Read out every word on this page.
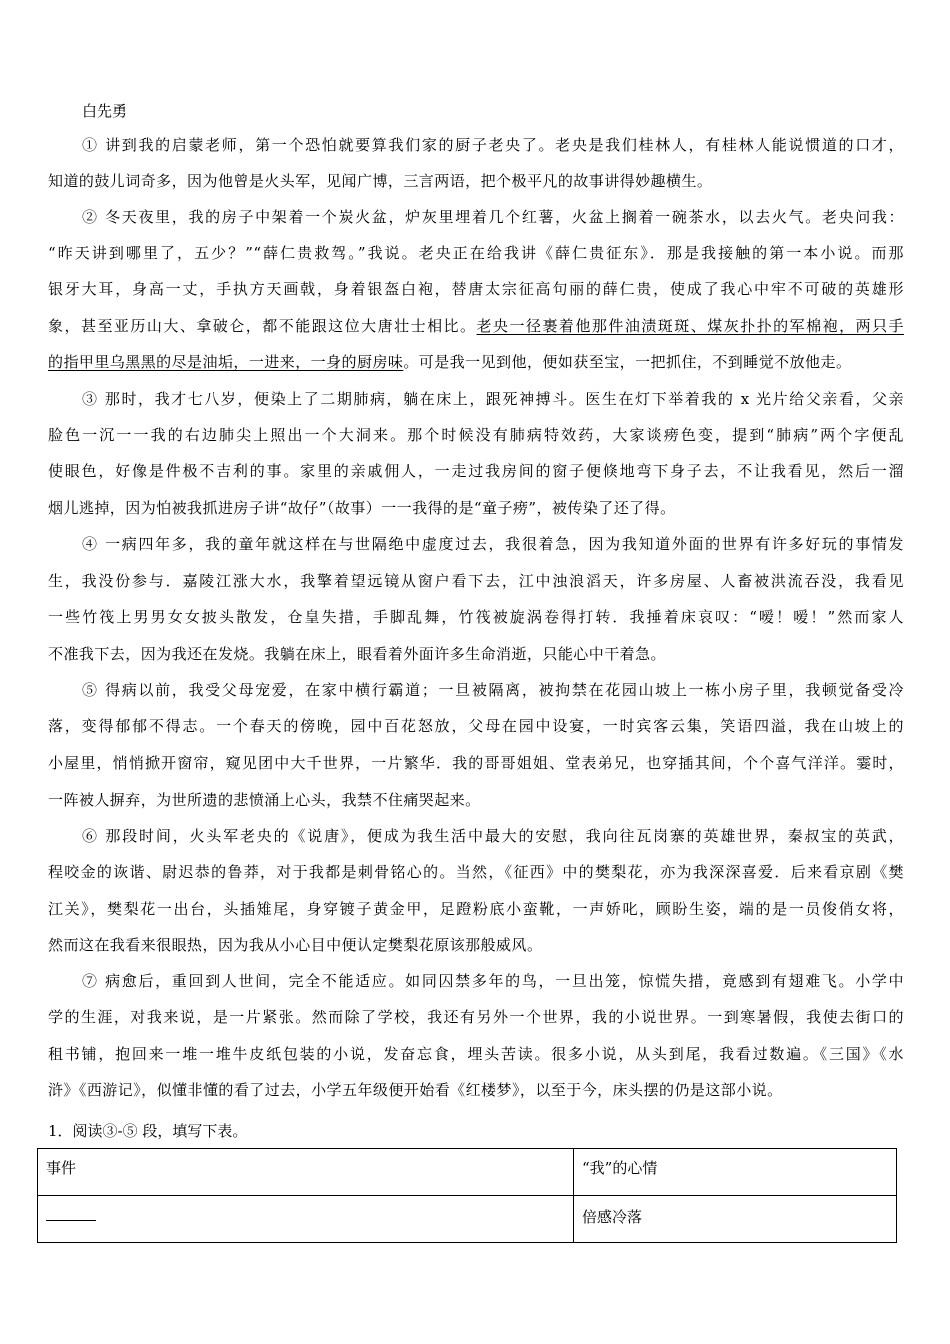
白先勇
① 讲到我的启蒙老师，第一个恐怕就要算我们家的厨子老央了。老央是我们桂林人，有桂林人能说惯道的口才，
知道的鼓儿词奇多，因为他曾是火头军，见闻广博，三言两语，把个极平凡的故事讲得妙趣横生。
② 冬天夜里，我的房子中架着一个炭火盆，炉灰里埋着几个红薯，火盆上搁着一碗茶水，以去火气。老央问我：
“昨天讲到哪里了，五少？”“薛仁贵救驾。”我说。老央正在给我讲《薛仁贵征东》．那是我接触的第一本小说。而那
银牙大耳，身高一丈，手执方天画戟，身着银盔白袍，替唐太宗征高句丽的薛仁贵，使成了我心中牢不可破的英雄形
象，甚至亚历山大、拿破仑，都不能跟这位大唐壮士相比。老央一径裹着他那件油渍斑斑、煤灰扑扑的军棉袍，两只手
的指甲里乌黑黑的尽是油垢，一进来，一身的厨房味。可是我一见到他，便如获至宝，一把抓住，不到睡觉不放他走。
③ 那时，我才七八岁，便染上了二期肺病，躺在床上，跟死神搏斗。医生在灯下举着我的 x 光片给父亲看，父亲
脸色一沉一一我的右边肺尖上照出一个大洞来。那个时候没有肺病特效药，大家谈痨色变，提到“肺病”两个字便乱
使眼色，好像是件极不吉利的事。家里的亲戚佣人，一走过我房间的窗子便倏地弯下身子去，不让我看见，然后一溜
烟儿逃掉，因为怕被我抓进房子讲“故仔”（故事）一一我得的是“童子痨”，被传染了还了得。
④ 一病四年多，我的童年就这样在与世隔绝中虚度过去，我很着急，因为我知道外面的世界有许多好玩的事情发
生，我没份参与．嘉陵江涨大水，我擎着望远镜从窗户看下去，江中浊浪滔天，许多房屋、人畜被洪流吞没，我看见
一些竹筏上男男女女披头散发，仓皇失措，手脚乱舞，竹筏被旋涡卷得打转．我捶着床哀叹：“嗳！嗳！”然而家人
不准我下去，因为我还在发烧。我躺在床上，眼看着外面许多生命消逝，只能心中干着急。
⑤ 得病以前，我受父母宠爱，在家中横行霸道；一旦被隔离，被拘禁在花园山坡上一栋小房子里，我顿觉备受冷
落，变得郁郁不得志。一个春天的傍晚，园中百花怒放，父母在园中设宴，一时宾客云集，笑语四溢，我在山坡上的
小屋里，悄悄掀开窗帘，窥见团中大千世界，一片繁华．我的哥哥姐姐、堂表弟兄，也穿插其间，个个喜气洋洋。霎时，
一阵被人摒弃，为世所遗的悲愤涌上心头，我禁不住痛哭起来。
⑥ 那段时间，火头军老央的《说唐》，便成为我生活中最大的安慰，我向往瓦岗寨的英雄世界，秦叔宝的英武，
程咬金的诙谐、尉迟恭的鲁莽，对于我都是刺骨铭心的。当然，《征西》中的樊梨花，亦为我深深喜爱．后来看京剧《樊
江关》，樊梨花一出台，头插雉尾，身穿镀子黄金甲，足蹬粉底小蛮靴，一声娇叱，顾盼生姿，端的是一员俊俏女将，
然而这在我看来很眼热，因为我从小心目中便认定樊梨花原该那般威风。
⑦ 病愈后，重回到人世间，完全不能适应。如同囚禁多年的鸟，一旦出笼，惊慌失措，竟感到有翅难飞。小学中
学的生涯，对我来说，是一片紧张。然而除了学校，我还有另外一个世界，我的小说世界。一到寒暑假，我使去街口的
租书铺，抱回来一堆一堆牛皮纸包装的小说，发奋忘食，埋头苦读。很多小说，从头到尾，我看过数遍。《三国》《水
浒》《西游记》，似懂非懂的看了过去，小学五年级便开始看《红楼梦》，以至于今，床头摆的仍是这部小说。
1．阅读③-⑤ 段，填写下表。
事件	“我”的心情
	倍感冷落
